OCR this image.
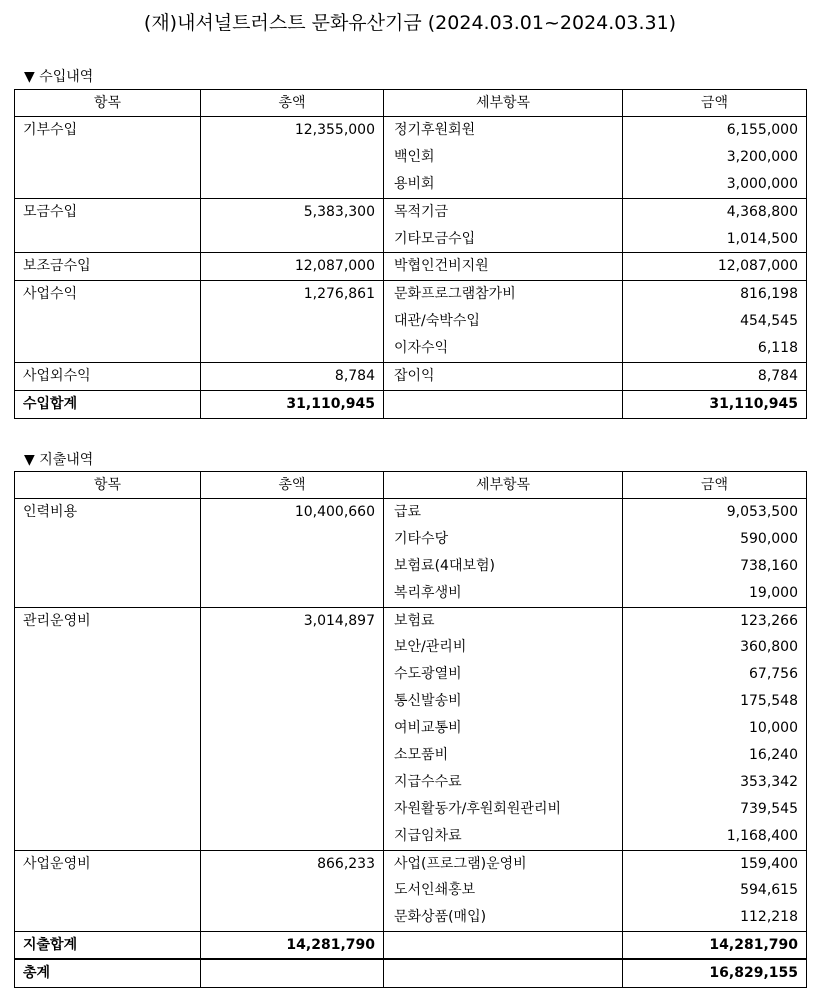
(재)내셔널트러스트 문화유산기금 (2024.03.01~2024.03.31)
▼ 수입내역
항목	총액	세부항목	금액
기부수입	12,355,000	정기후원회원	6,155,000
		백인회	3,200,000
		용비회	3,000,000
모금수입	5,383,300	목적기금	4,368,800
		기타모금수입	1,014,500
보조금수입	12,087,000	박협인건비지원	12,087,000
사업수익	1,276,861	문화프로그램참가비	816,198
		대관/숙박수입	454,545
		이자수익	6,118
사업외수익	8,784	잡이익	8,784
수입합계	31,110,945		31,110,945
▼ 지출내역
항목	총액	세부항목	금액
인력비용	10,400,660	급료	9,053,500
		기타수당	590,000
		보험료(4대보험)	738,160
		복리후생비	19,000
관리운영비	3,014,897	보험료	123,266
		보안/관리비	360,800
		수도광열비	67,756
		통신발송비	175,548
		여비교통비	10,000
		소모품비	16,240
		지급수수료	353,342
		자원활동가/후원회원관리비	739,545
		지급임차료	1,168,400
사업운영비	866,233	사업(프로그램)운영비	159,400
		도서인쇄홍보	594,615
		문화상품(매입)	112,218
지출합계	14,281,790		14,281,790
총계			16,829,155
